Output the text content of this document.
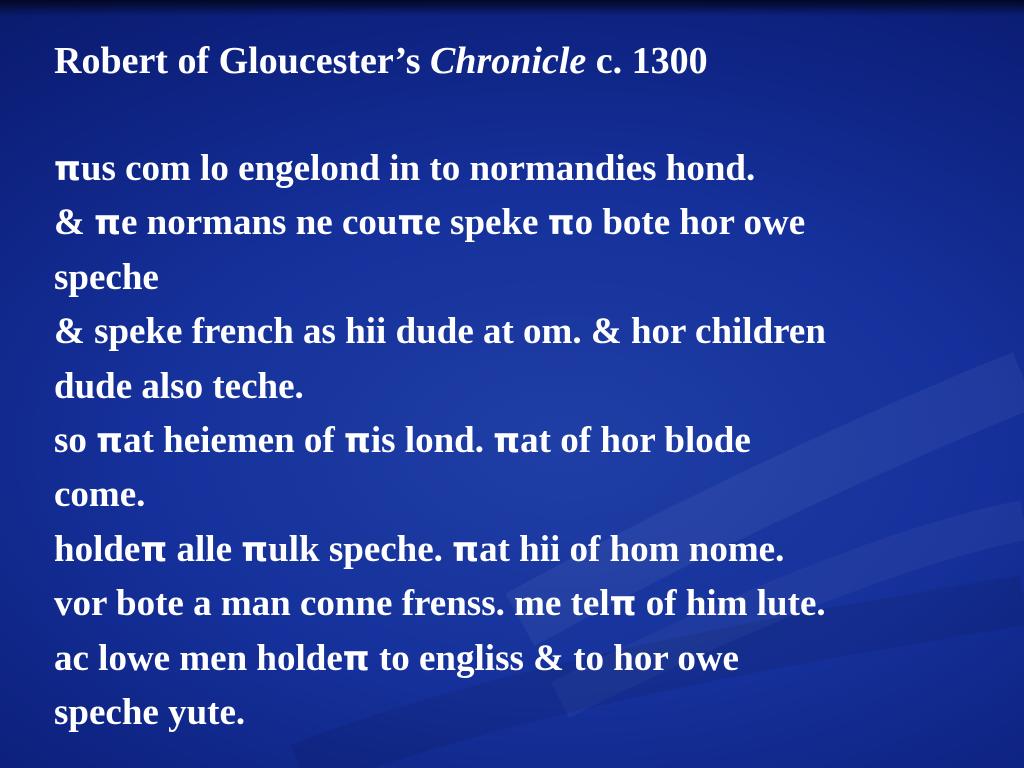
Robert of Gloucester’s Chronicle c. 1300

πus com lo engelond in to normandies hond.

& πe normans ne couπe speke πo bote hor owe

speche

& speke french as hii dude at om. & hor children

dude also teche.

so πat heiemen of πis lond. πat of hor blode

come.

holdeπ alle πulk speche. πat hii of hom nome.

vor bote a man conne frenss. me telπ of him lute.

ac lowe men holdeπ to engliss & to hor owe

speche yute.
